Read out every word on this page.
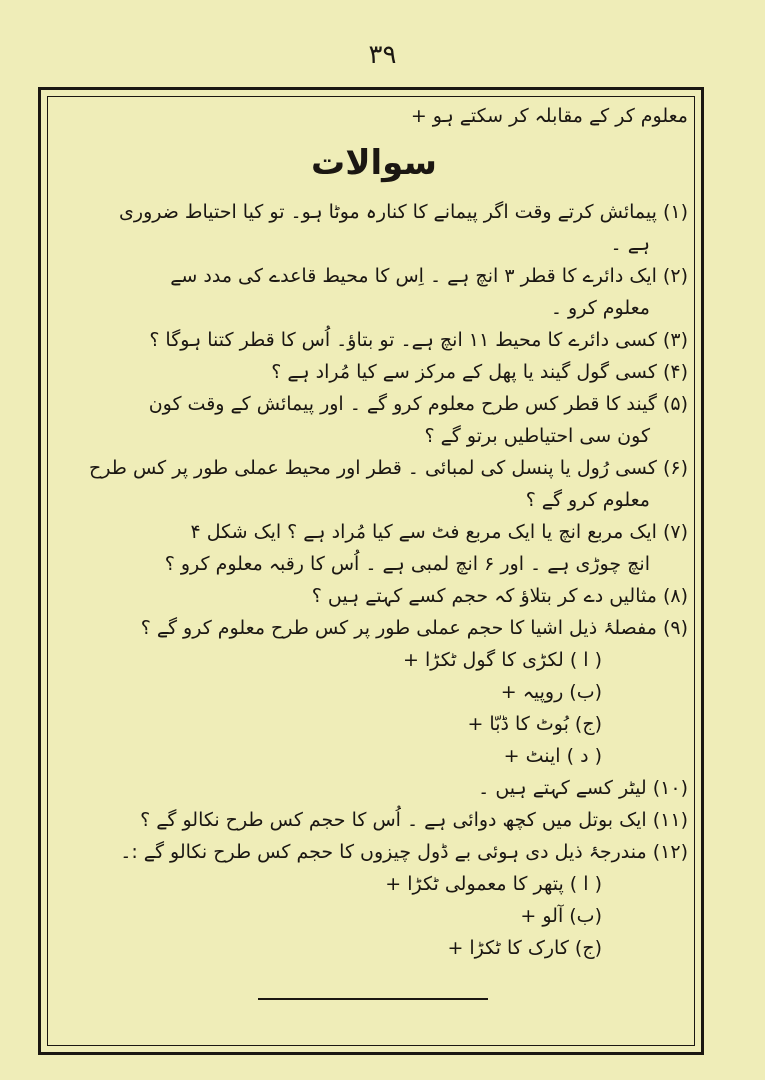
۳۹
معلوم کر کے مقابلہ کر سکتے ہو +
سوالات
(۱) پیمائش کرتے وقت اگر پیمانے کا کنارہ موٹا ہو۔ تو کیا احتیاط ضروری
ہے ۔
(۲) ایک دائرے کا قطر ۳ انچ ہے ۔ اِس کا محیط قاعدے کی مدد سے
معلوم کرو ۔
(۳) کسی دائرے کا محیط ۱۱ انچ ہے۔ تو بتاؤ۔ اُس کا قطر کتنا ہوگا ؟
(۴) کسی گول گیند یا پھل کے مرکز سے کیا مُراد ہے ؟
(۵) گیند کا قطر کس طرح معلوم کرو گے ۔ اور پیمائش کے وقت کون
کون سی احتیاطیں برتو گے ؟
(۶) کسی رُول یا پنسل کی لمبائی ۔ قطر اور محیط عملی طور پر کس طرح
معلوم کرو گے ؟
(۷) ایک مربع انچ یا ایک مربع فٹ سے کیا مُراد ہے ؟ ایک شکل ۴
انچ چوڑی ہے ۔ اور ۶ انچ لمبی ہے ۔ اُس کا رقبہ معلوم کرو ؟
(۸) مثالیں دے کر بتلاؤ کہ حجم کسے کہتے ہیں ؟
(۹) مفصلۂ ذیل اشیا کا حجم عملی طور پر کس طرح معلوم کرو گے ؟
( ا ) لکڑی کا گول ٹکڑا +
(ب) روپیہ +
(ج) بُوٹ کا ڈبّا +
( د ) اینٹ +
(۱۰) لیٹر کسے کہتے ہیں ۔
(۱۱) ایک بوتل میں کچھ دوائی ہے ۔ اُس کا حجم کس طرح نکالو گے ؟
(۱۲) مندرجۂ ذیل دی ہوئی بے ڈول چیزوں کا حجم کس طرح نکالو گے :۔
( ا ) پتھر کا معمولی ٹکڑا +
(ب) آلو +
(ج) کارک کا ٹکڑا +
